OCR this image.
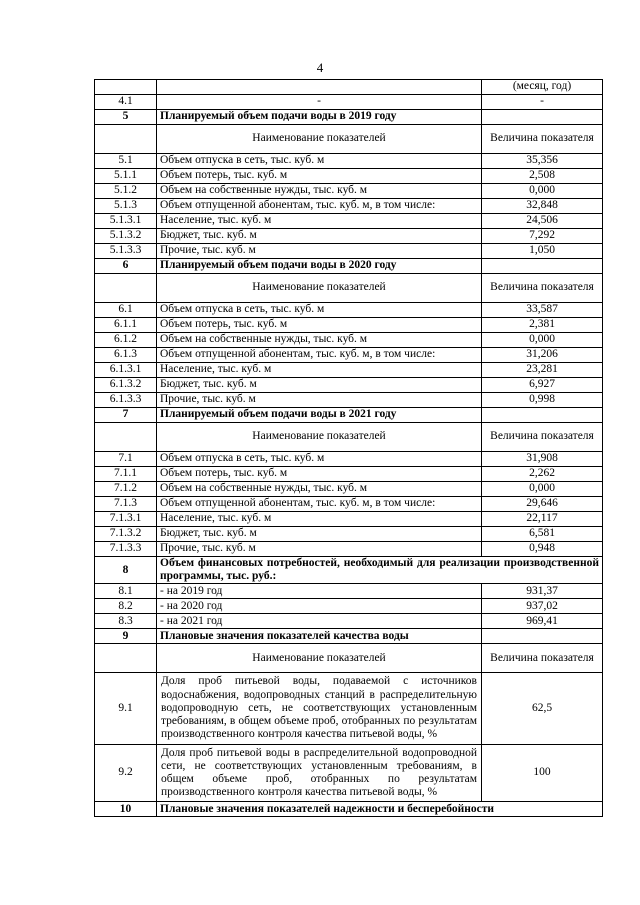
4
		(месяц, год)
4.1	-	-
5	Планируемый объем подачи воды в 2019 году	
	Наименование показателей	Величина показателя
5.1	Объем отпуска в сеть, тыс. куб. м	35,356
5.1.1	Объем потерь, тыс. куб. м	2,508
5.1.2	Объем на собственные нужды, тыс. куб. м	0,000
5.1.3	Объем отпущенной абонентам, тыс. куб. м, в том числе:	32,848
5.1.3.1	Население, тыс. куб. м	24,506
5.1.3.2	Бюджет, тыс. куб. м	7,292
5.1.3.3	Прочие, тыс. куб. м	1,050
6	Планируемый объем подачи воды в 2020 году	
	Наименование показателей	Величина показателя
6.1	Объем отпуска в сеть, тыс. куб. м	33,587
6.1.1	Объем потерь, тыс. куб. м	2,381
6.1.2	Объем на собственные нужды, тыс. куб. м	0,000
6.1.3	Объем отпущенной абонентам, тыс. куб. м, в том числе:	31,206
6.1.3.1	Население, тыс. куб. м	23,281
6.1.3.2	Бюджет, тыс. куб. м	6,927
6.1.3.3	Прочие, тыс. куб. м	0,998
7	Планируемый объем подачи воды в 2021 году	
	Наименование показателей	Величина показателя
7.1	Объем отпуска в сеть, тыс. куб. м	31,908
7.1.1	Объем потерь, тыс. куб. м	2,262
7.1.2	Объем на собственные нужды, тыс. куб. м	0,000
7.1.3	Объем отпущенной абонентам, тыс. куб. м, в том числе:	29,646
7.1.3.1	Население, тыс. куб. м	22,117
7.1.3.2	Бюджет, тыс. куб. м	6,581
7.1.3.3	Прочие, тыс. куб. м	0,948
8	Объем финансовых потребностей, необходимый для реализации производственной программы, тыс. руб.:	
8.1	- на 2019 год	931,37
8.2	- на 2020 год	937,02
8.3	- на 2021 год	969,41
9	Плановые значения показателей качества воды	
	Наименование показателей	Величина показателя
9.1	Доля проб питьевой воды, подаваемой с источников водоснабжения, водопроводных станций в распределительную водопроводную сеть, не соответствующих установленным требованиям, в общем объеме проб, отобранных по результатам производственного контроля качества питьевой воды, %	62,5
9.2	Доля проб питьевой воды в распределительной водопроводной сети, не соответствующих установленным требованиям, в общем объеме проб, отобранных по результатам производственного контроля качества питьевой воды, %	100
10	Плановые значения показателей надежности и бесперебойности	
